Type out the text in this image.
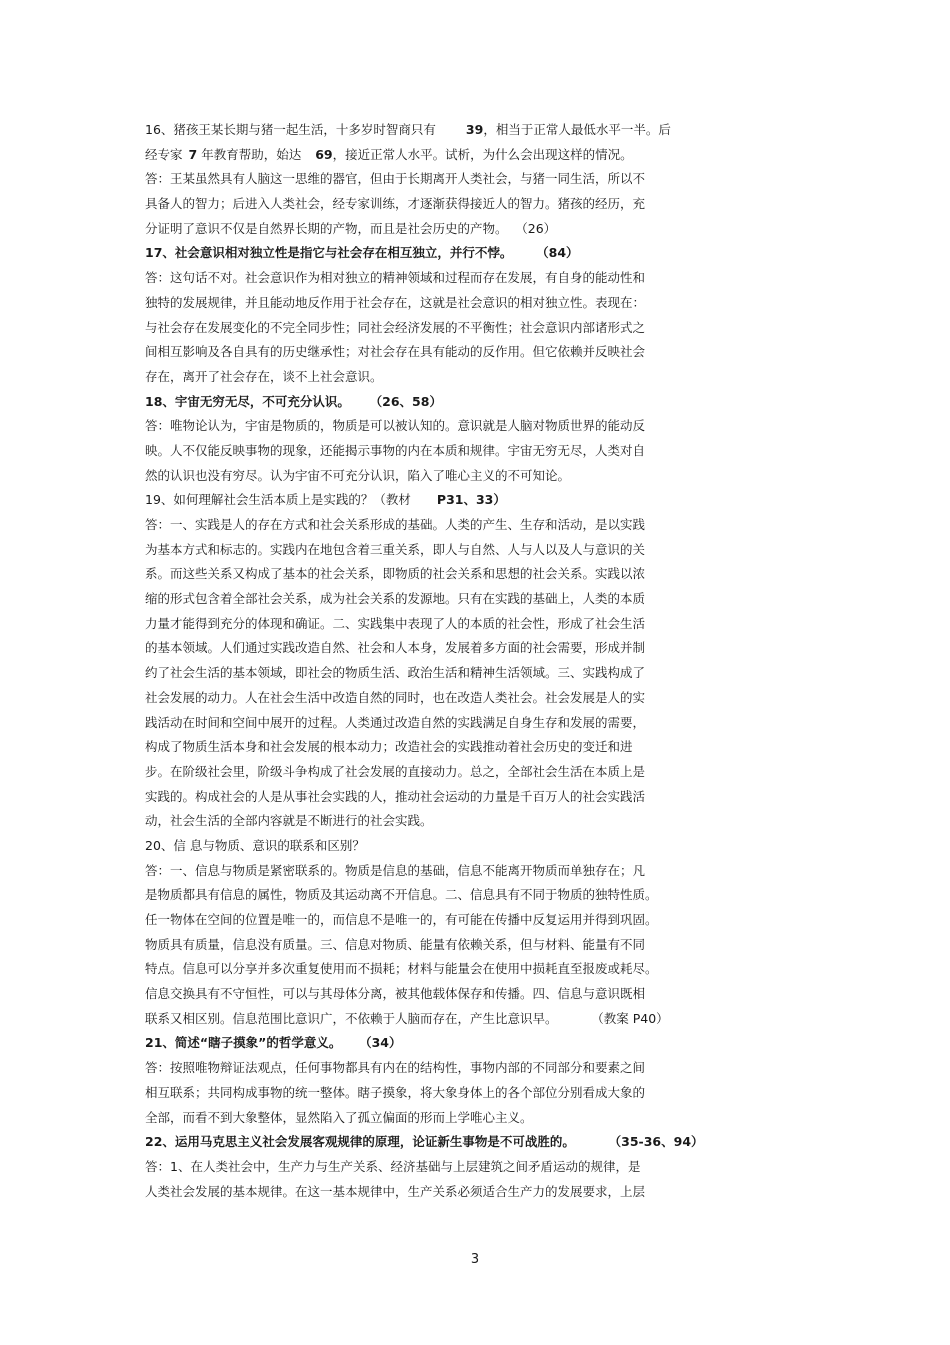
16、猪孩王某长期与猪一起生活，十多岁时智商只有 39，相当于正常人最低水平一半。后
经专家 7 年教育帮助，始达 69，接近正常人水平。试析，为什么会出现这样的情况。
答：王某虽然具有人脑这一思维的器官，但由于长期离开人类社会，与猪一同生活，所以不
具备人的智力；后进入人类社会，经专家训练，才逐渐获得接近人的智力。猪孩的经历，充
分证明了意识不仅是自然界长期的产物，而且是社会历史的产物。 （26）
17、社会意识相对独立性是指它与社会存在相互独立，并行不悖。 （84）
答：这句话不对。社会意识作为相对独立的精神领域和过程而存在发展，有自身的能动性和
独特的发展规律，并且能动地反作用于社会存在，这就是社会意识的相对独立性。表现在：
与社会存在发展变化的不完全同步性；同社会经济发展的不平衡性；社会意识内部诸形式之
间相互影响及各自具有的历史继承性；对社会存在具有能动的反作用。但它依赖并反映社会
存在，离开了社会存在，谈不上社会意识。
18、宇宙无穷无尽，不可充分认识。 （26、58）
答：唯物论认为，宇宙是物质的，物质是可以被认知的。意识就是人脑对物质世界的能动反
映。人不仅能反映事物的现象，还能揭示事物的内在本质和规律。宇宙无穷无尽，人类对自
然的认识也没有穷尽。认为宇宙不可充分认识，陷入了唯心主义的不可知论。
19、如何理解社会生活本质上是实践的？（教材 P31、33）
答：一、实践是人的存在方式和社会关系形成的基础。人类的产生、生存和活动，是以实践
为基本方式和标志的。实践内在地包含着三重关系，即人与自然、人与人以及人与意识的关
系。而这些关系又构成了基本的社会关系，即物质的社会关系和思想的社会关系。实践以浓
缩的形式包含着全部社会关系，成为社会关系的发源地。只有在实践的基础上，人类的本质
力量才能得到充分的体现和确证。二、实践集中表现了人的本质的社会性，形成了社会生活
的基本领域。人们通过实践改造自然、社会和人本身，发展着多方面的社会需要，形成并制
约了社会生活的基本领域，即社会的物质生活、政治生活和精神生活领域。三、实践构成了
社会发展的动力。人在社会生活中改造自然的同时，也在改造人类社会。社会发展是人的实
践活动在时间和空间中展开的过程。人类通过改造自然的实践满足自身生存和发展的需要，
构成了物质生活本身和社会发展的根本动力；改造社会的实践推动着社会历史的变迁和进
步。在阶级社会里，阶级斗争构成了社会发展的直接动力。总之，全部社会生活在本质上是
实践的。构成社会的人是从事社会实践的人，推动社会运动的力量是千百万人的社会实践活
动，社会生活的全部内容就是不断进行的社会实践。
20、信 息与物质、意识的联系和区别？
答：一、信息与物质是紧密联系的。物质是信息的基础，信息不能离开物质而单独存在；凡
是物质都具有信息的属性，物质及其运动离不开信息。二、信息具有不同于物质的独特性质。
任一物体在空间的位置是唯一的，而信息不是唯一的，有可能在传播中反复运用并得到巩固。
物质具有质量，信息没有质量。三、信息对物质、能量有依赖关系，但与材料、能量有不同
特点。信息可以分享并多次重复使用而不损耗；材料与能量会在使用中损耗直至报废或耗尽。
信息交换具有不守恒性，可以与其母体分离，被其他载体保存和传播。四、信息与意识既相
联系又相区别。信息范围比意识广，不依赖于人脑而存在，产生比意识早。	（教案 P40）
21、简述“瞎子摸象”的哲学意义。 （34）
答：按照唯物辩证法观点，任何事物都具有内在的结构性，事物内部的不同部分和要素之间
相互联系；共同构成事物的统一整体。瞎子摸象，将大象身体上的各个部位分别看成大象的
全部，而看不到大象整体，显然陷入了孤立偏面的形而上学唯心主义。
22、运用马克思主义社会发展客观规律的原理，论证新生事物是不可战胜的。	（35-36、94）
答：1、在人类社会中，生产力与生产关系、经济基础与上层建筑之间矛盾运动的规律，是
人类社会发展的基本规律。在这一基本规律中，生产关系必须适合生产力的发展要求，上层
3
